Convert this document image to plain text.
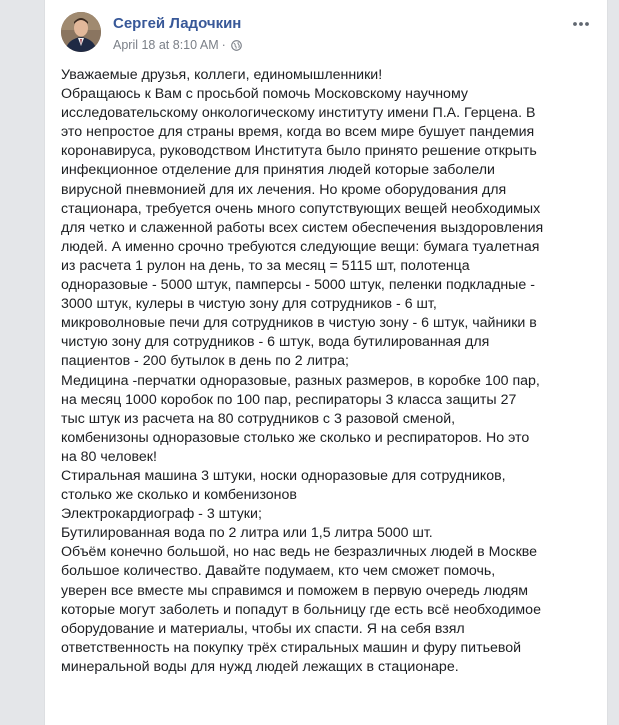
Сергей Ладочкин
April 18 at 8:10 AM ·
Уважаемые друзья, коллеги, единомышленники!
Обращаюсь к Вам с просьбой помочь Московскому научному
исследовательскому онкологическому институту имени П.А. Герцена. В
это непростое для страны время, когда во всем мире бушует пандемия
коронавируса, руководством Института было принято решение открыть
инфекционное отделение для принятия людей которые заболели
вирусной пневмонией для их лечения. Но кроме оборудования для
стационара, требуется очень много сопутствующих вещей необходимых
для четко и слаженной работы всех систем обеспечения выздоровления
людей. А именно срочно требуются следующие вещи: бумага туалетная
из расчета 1 рулон на день, то за месяц = 5115 шт, полотенца
одноразовые - 5000 штук, памперсы - 5000 штук, пеленки подкладные -
3000 штук, кулеры в чистую зону для сотрудников - 6 шт,
микроволновые печи для сотрудников в чистую зону - 6 штук, чайники в
чистую зону для сотрудников - 6 штук, вода бутилированная для
пациентов - 200 бутылок в день по 2 литра;
Медицина -перчатки одноразовые, разных размеров, в коробке 100 пар,
на месяц 1000 коробок по 100 пар, респираторы 3 класса защиты 27
тыс штук из расчета на 80 сотрудников с 3 разовой сменой,
комбенизоны одноразовые столько же сколько и респираторов. Но это
на 80 человек!
Стиральная машина 3 штуки, носки одноразовые для сотрудников,
столько же сколько и комбенизонов
Электрокардиограф - 3 штуки;
Бутилированная вода по 2 литра или 1,5 литра 5000 шт.
Объём конечно большой, но нас ведь не безразличных людей в Москве
большое количество. Давайте подумаем, кто чем сможет помочь,
уверен все вместе мы справимся и поможем в первую очередь людям
которые могут заболеть и попадут в больницу где есть всё необходимое
оборудование и материалы, чтобы их спасти. Я на себя взял
ответственность на покупку трёх стиральных машин и фуру питьевой
минеральной воды для нужд людей лежащих в стационаре.
